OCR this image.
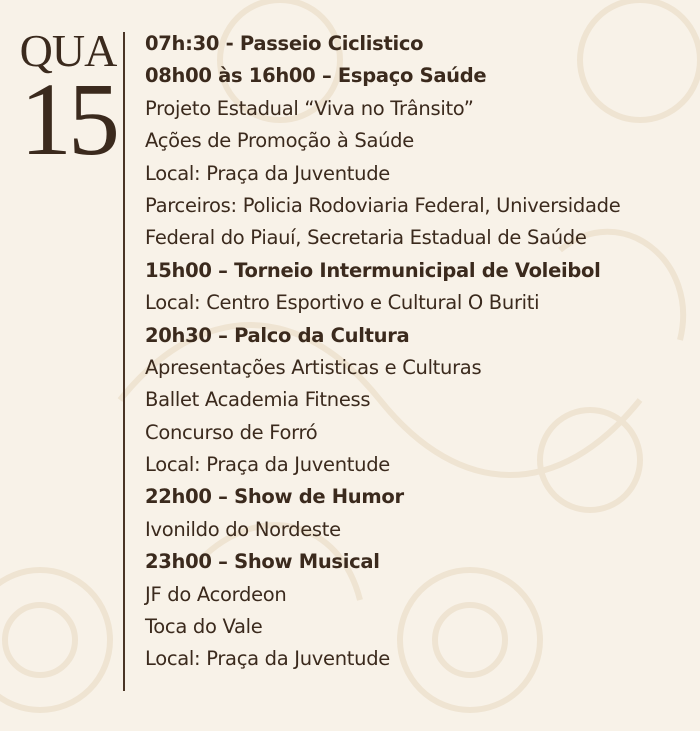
QUA
15
07h:30 - Passeio Ciclistico
08h00 às 16h00 – Espaço Saúde
Projeto Estadual “Viva no Trânsito”
Ações de Promoção à Saúde
Local: Praça da Juventude
Parceiros: Policia Rodoviaria Federal, Universidade
Federal do Piauí, Secretaria Estadual de Saúde
15h00 – Torneio Intermunicipal de Voleibol
Local: Centro Esportivo e Cultural O Buriti
20h30 – Palco da Cultura
Apresentações Artisticas e Culturas
Ballet Academia Fitness
Concurso de Forró
Local: Praça da Juventude
22h00 – Show de Humor
Ivonildo do Nordeste
23h00 – Show Musical
JF do Acordeon
Toca do Vale
Local: Praça da Juventude
